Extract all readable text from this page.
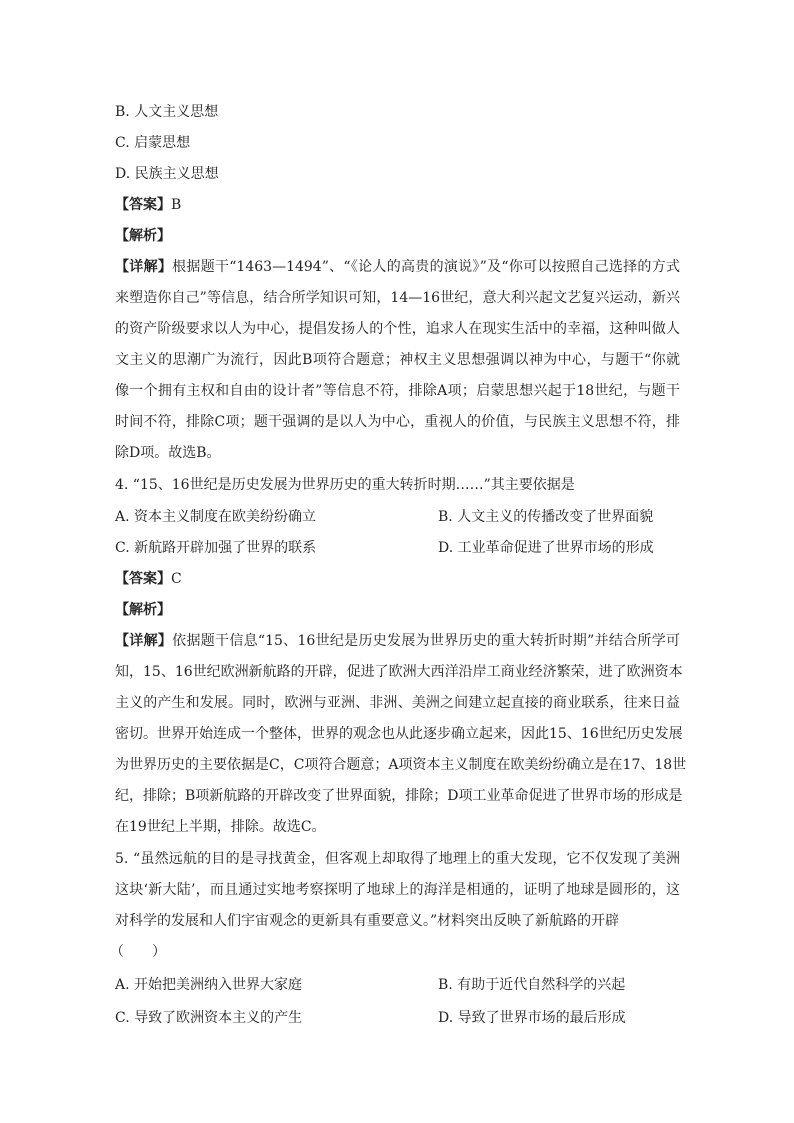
B. 人文主义思想
C. 启蒙思想
D. 民族主义思想
【答案】B
【解析】
【详解】根据题干“1463—1494”、“《论人的高贵的演说》”及“你可以按照自己选择的方式
来塑造你自己”等信息，结合所学知识可知，14—16世纪，意大利兴起文艺复兴运动，新兴
的资产阶级要求以人为中心，提倡发扬人的个性，追求人在现实生活中的幸福，这种叫做人
文主义的思潮广为流行，因此B项符合题意；神权主义思想强调以神为中心，与题干“你就
像一个拥有主权和自由的设计者”等信息不符，排除A项；启蒙思想兴起于18世纪，与题干
时间不符，排除C项；题干强调的是以人为中心，重视人的价值，与民族主义思想不符，排
除D项。故选B。
4. “15、16世纪是历史发展为世界历史的重大转折时期……”其主要依据是
A. 资本主义制度在欧美纷纷确立	B. 人文主义的传播改变了世界面貌
C. 新航路开辟加强了世界的联系	D. 工业革命促进了世界市场的形成
【答案】C
【解析】
【详解】依据题干信息“15、16世纪是历史发展为世界历史的重大转折时期”并结合所学可
知，15、16世纪欧洲新航路的开辟，促进了欧洲大西洋沿岸工商业经济繁荣，进了欧洲资本
主义的产生和发展。同时，欧洲与亚洲、非洲、美洲之间建立起直接的商业联系，往来日益
密切。世界开始连成一个整体，世界的观念也从此逐步确立起来，因此15、16世纪历史发展
为世界历史的主要依据是C，C项符合题意；A项资本主义制度在欧美纷纷确立是在17、18世
纪，排除；B项新航路的开辟改变了世界面貌，排除；D项工业革命促进了世界市场的形成是
在19世纪上半期，排除。故选C。
5. “虽然远航的目的是寻找黄金，但客观上却取得了地理上的重大发现，它不仅发现了美洲
这块‘新大陆’，而且通过实地考察探明了地球上的海洋是相通的，证明了地球是圆形的，这
对科学的发展和人们宇宙观念的更新具有重要意义。”材料突出反映了新航路的开辟
（　　）
A. 开始把美洲纳入世界大家庭	B. 有助于近代自然科学的兴起
C. 导致了欧洲资本主义的产生	D. 导致了世界市场的最后形成
